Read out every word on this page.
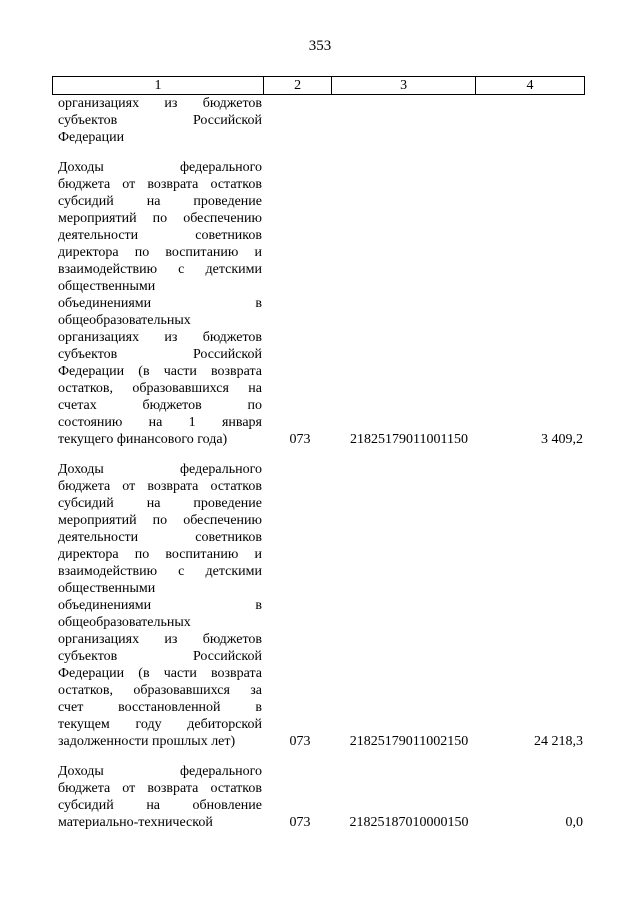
353
1	2	3	4
организациях из бюджетов
субъектов Российской
Федерации
Доходы федерального
бюджета от возврата остатков
субсидий на проведение
мероприятий по обеспечению
деятельности советников
директора по воспитанию и
взаимодействию с детскими
общественными
объединениями в
общеобразовательных
организациях из бюджетов
субъектов Российской
Федерации (в части возврата
остатков, образовавшихся на
счетах бюджетов по
состоянию на 1 января
текущего финансового года)	073	21825179011001150	3 409,2
Доходы федерального
бюджета от возврата остатков
субсидий на проведение
мероприятий по обеспечению
деятельности советников
директора по воспитанию и
взаимодействию с детскими
общественными
объединениями в
общеобразовательных
организациях из бюджетов
субъектов Российской
Федерации (в части возврата
остатков, образовавшихся за
счет восстановленной в
текущем году дебиторской
задолженности прошлых лет)	073	21825179011002150	24 218,3
Доходы федерального
бюджета от возврата остатков
субсидий на обновление
материально-технической	073	21825187010000150	0,0
